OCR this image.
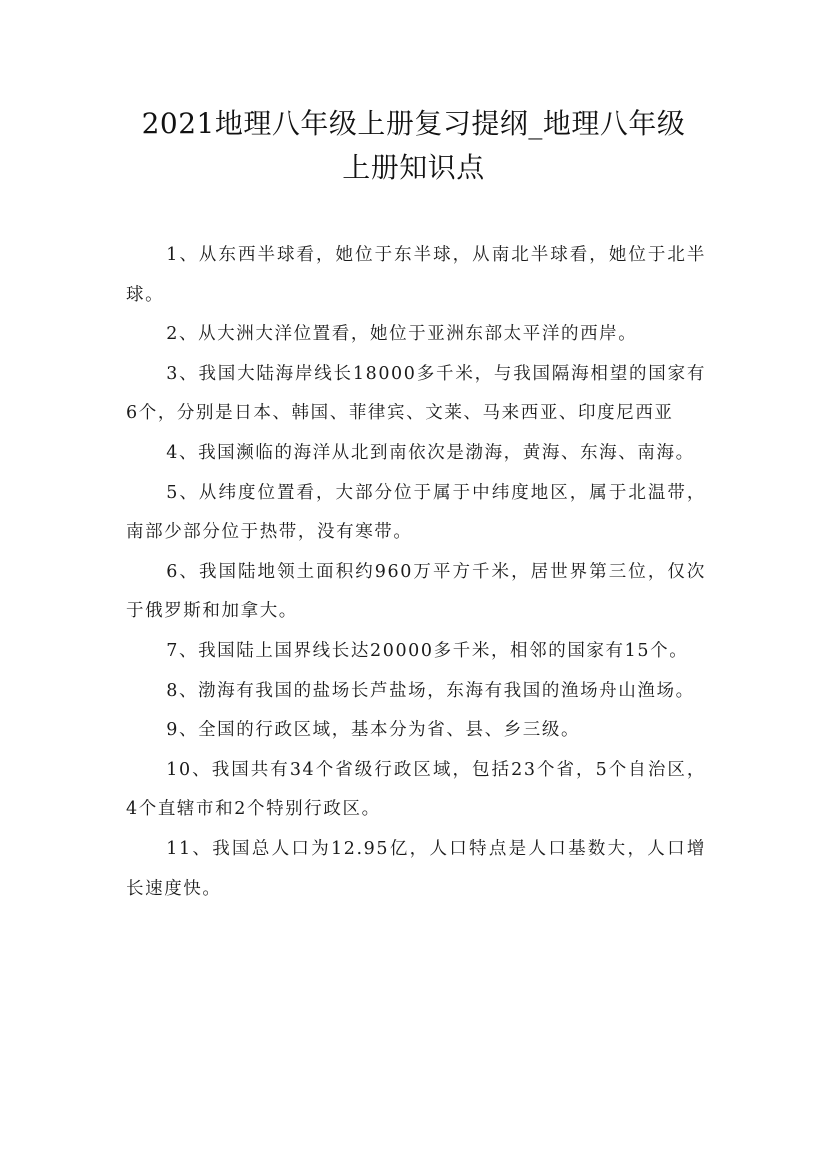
2021地理八年级上册复习提纲_地理八年级
上册知识点

1、从东西半球看，她位于东半球，从南北半球看，她位于北半球。

2、从大洲大洋位置看，她位于亚洲东部太平洋的西岸。

3、我国大陆海岸线长18000多千米，与我国隔海相望的国家有6个，分别是日本、韩国、菲律宾、文莱、马来西亚、印度尼西亚

4、我国濒临的海洋从北到南依次是渤海，黄海、东海、南海。

5、从纬度位置看，大部分位于属于中纬度地区，属于北温带，南部少部分位于热带，没有寒带。

6、我国陆地领土面积约960万平方千米，居世界第三位，仅次于俄罗斯和加拿大。

7、我国陆上国界线长达20000多千米，相邻的国家有15个。

8、渤海有我国的盐场长芦盐场，东海有我国的渔场舟山渔场。

9、全国的行政区域，基本分为省、县、乡三级。

10、我国共有34个省级行政区域，包括23个省，5个自治区，4个直辖市和2个特别行政区。

11、我国总人口为12.95亿，人口特点是人口基数大，人口增长速度快。
